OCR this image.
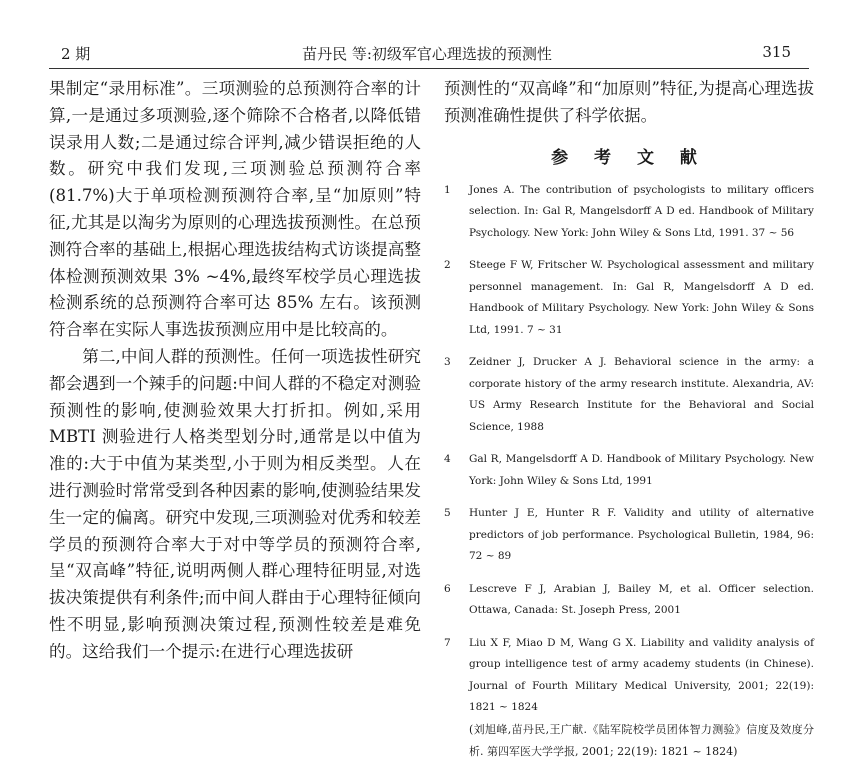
2 期	苗丹民 等:初级军官心理选拔的预测性	315

果制定“录用标准”。三项测验的总预测符合率的计算,一是通过多项测验,逐个筛除不合格者,以降低错误录用人数;二是通过综合评判,减少错误拒绝的人数。研究中我们发现,三项测验总预测符合率(81.7%)大于单项检测预测符合率,呈“加原则”特征,尤其是以淘劣为原则的心理选拔预测性。在总预测符合率的基础上,根据心理选拔结构式访谈提高整体检测预测效果 3% ~4%,最终军校学员心理选拔检测系统的总预测符合率可达 85% 左右。该预测符合率在实际人事选拔预测应用中是比较高的。

第二,中间人群的预测性。任何一项选拔性研究都会遇到一个辣手的问题:中间人群的不稳定对测验预测性的影响,使测验效果大打折扣。例如,采用 MBTI 测验进行人格类型划分时,通常是以中值为准的:大于中值为某类型,小于则为相反类型。人在进行测验时常常受到各种因素的影响,使测验结果发生一定的偏离。研究中发现,三项测验对优秀和较差学员的预测符合率大于对中等学员的预测符合率,呈“双高峰”特征,说明两侧人群心理特征明显,对选拔决策提供有利条件;而中间人群由于心理特征倾向性不明显,影响预测决策过程,预测性较差是难免的。这给我们一个提示:在进行心理选拔研

预测性的“双高峰”和“加原则”特征,为提高心理选拔预测准确性提供了科学依据。

参 考 文 献
1 Jones A. The contribution of psychologists to military officers selection. In: Gal R, Mangelsdorff A D ed. Handbook of Military Psychology. New York: John Wiley & Sons Ltd, 1991. 37 ~ 56
2 Steege F W, Fritscher W. Psychological assessment and military personnel management. In: Gal R, Mangelsdorff A D ed. Handbook of Military Psychology. New York: John Wiley & Sons Ltd, 1991. 7 ~ 31
3 Zeidner J, Drucker A J. Behavioral science in the army: a corporate history of the army research institute. Alexandria, AV: US Army Research Institute for the Behavioral and Social Science, 1988
4 Gal R, Mangelsdorff A D. Handbook of Military Psychology. New York: John Wiley & Sons Ltd, 1991
5 Hunter J E, Hunter R F. Validity and utility of alternative predictors of job performance. Psychological Bulletin, 1984, 96: 72 ~ 89
6 Lescreve F J, Arabian J, Bailey M, et al. Officer selection. Ottawa, Canada: St. Joseph Press, 2001
7 Liu X F, Miao D M, Wang G X. Liability and validity analysis of group intelligence test of army academy students (in Chinese). Journal of Fourth Military Medical University, 2001; 22(19): 1821 ~ 1824
(刘旭峰,苗丹民,王广献.《陆军院校学员团体智力测验》信度及效度分析. 第四军医大学学报, 2001; 22(19): 1821 ~ 1824)
